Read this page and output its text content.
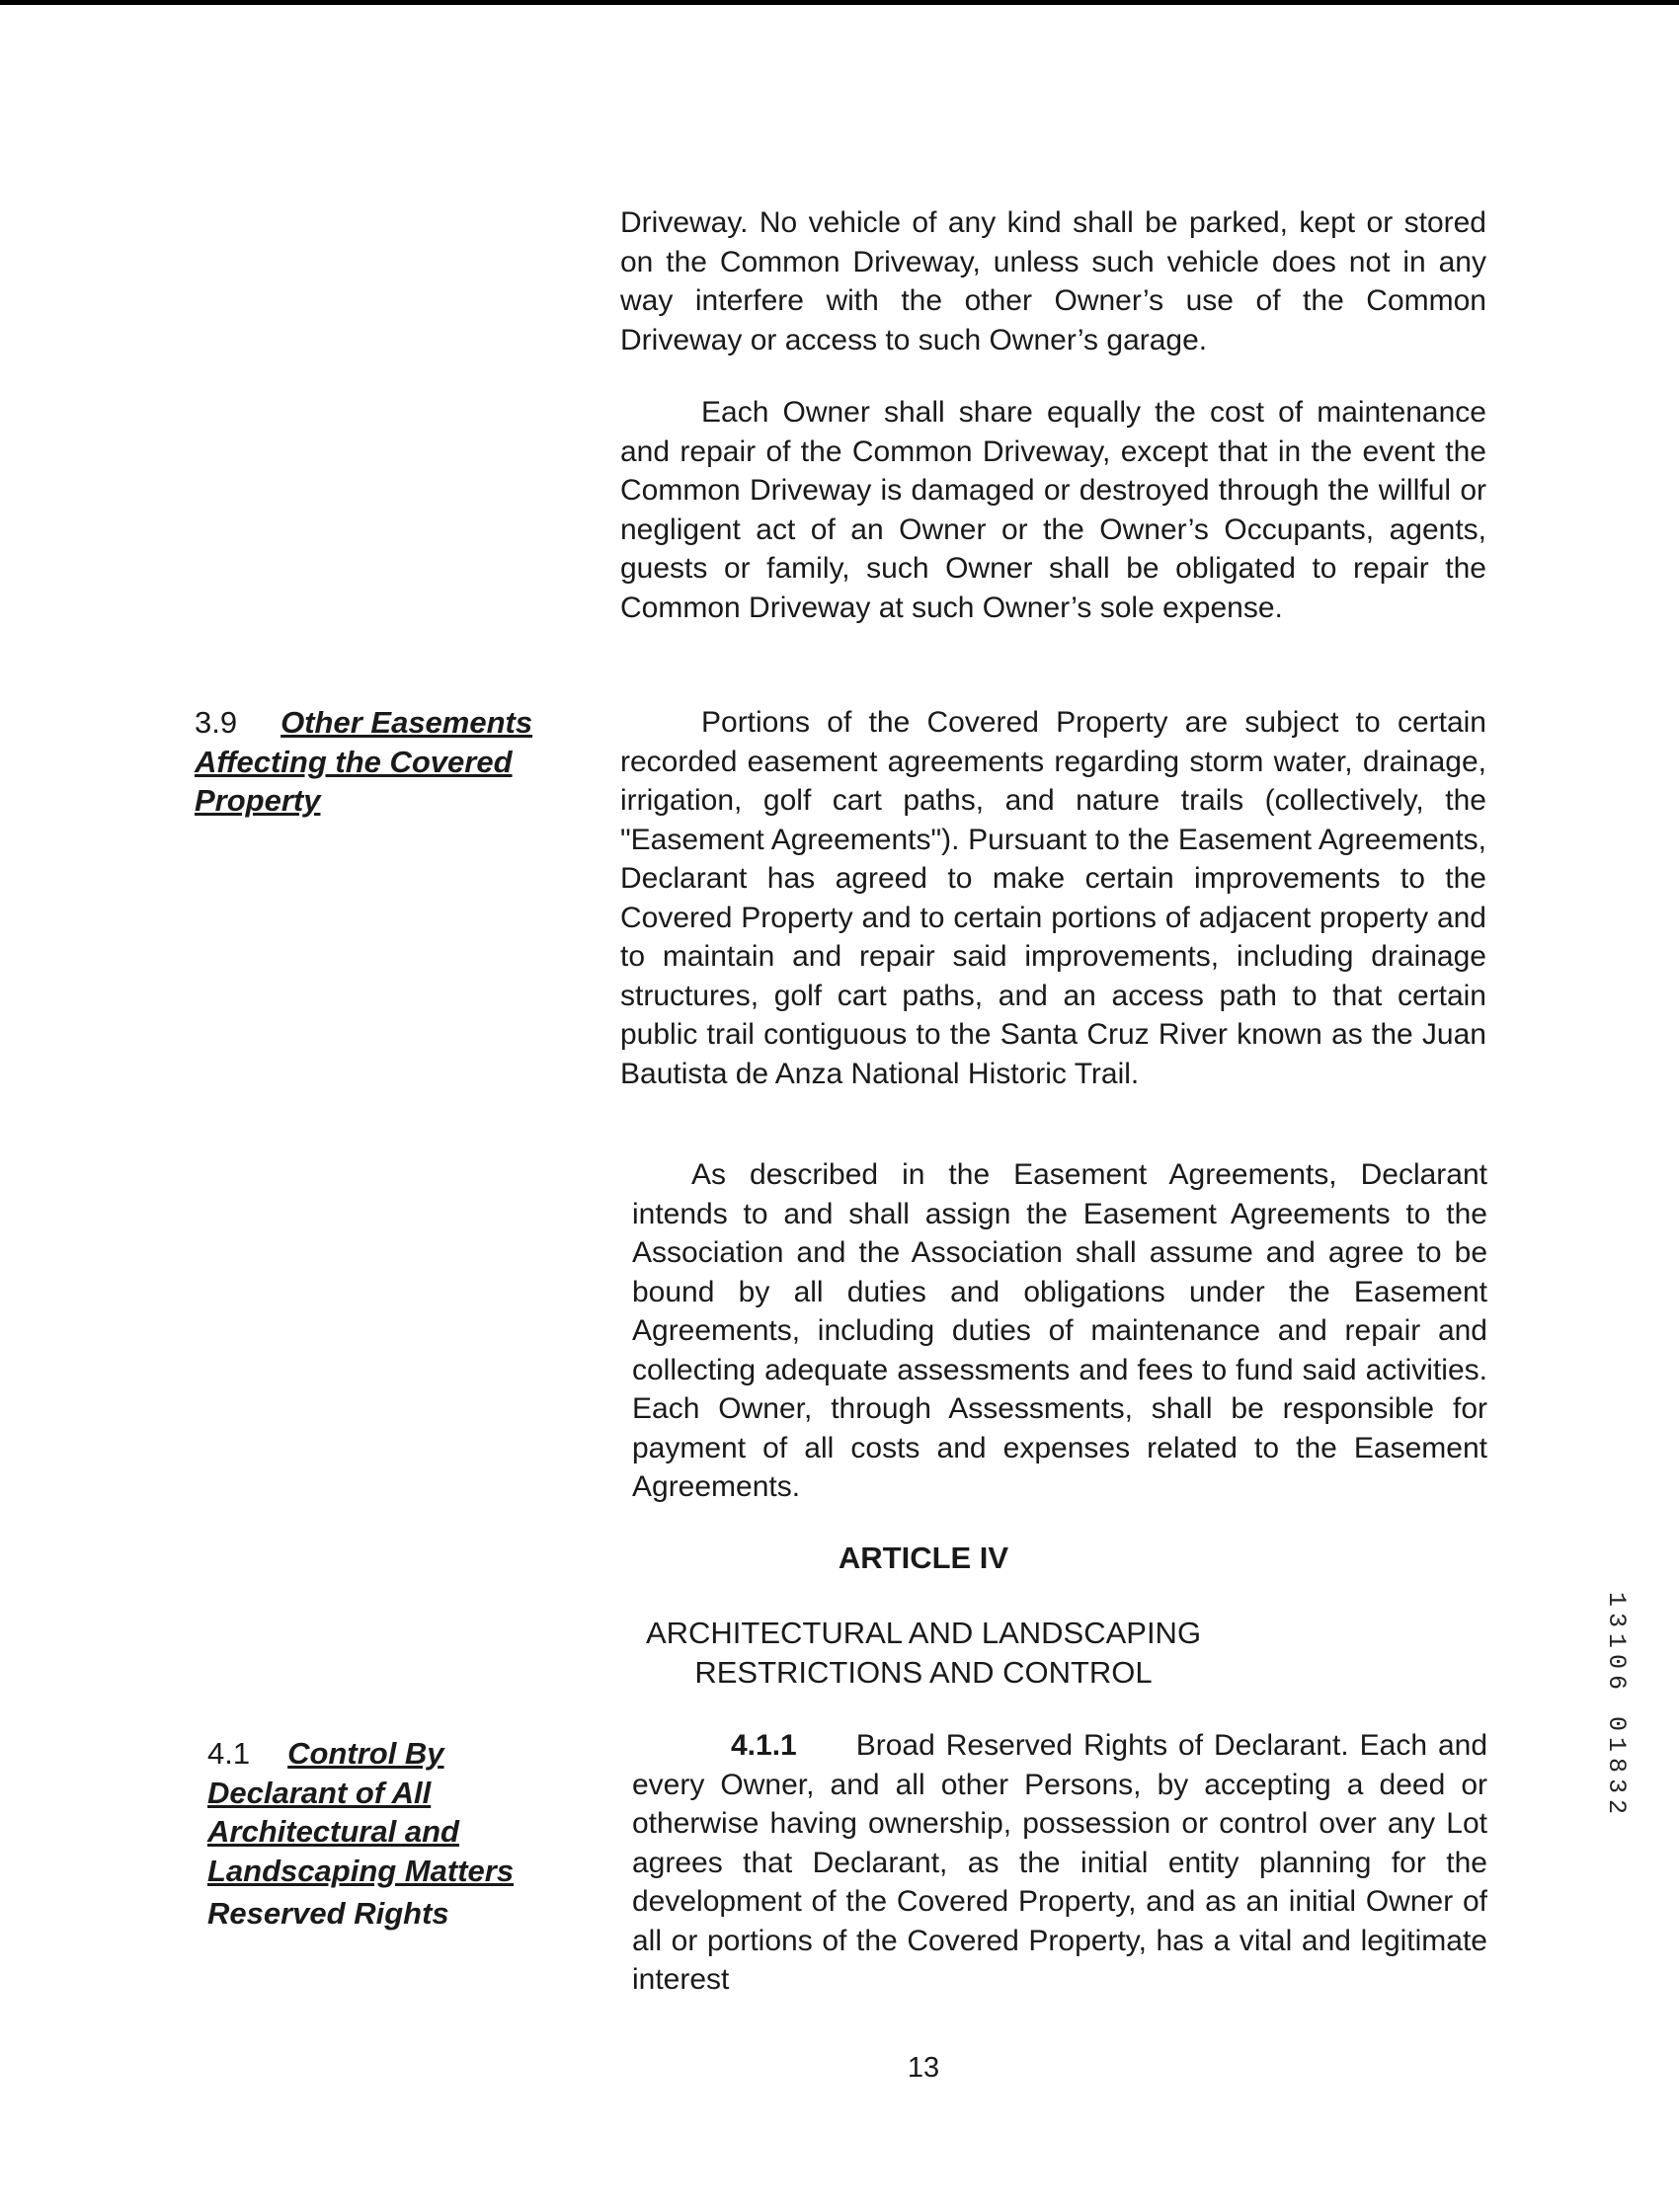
Driveway. No vehicle of any kind shall be parked, kept or stored on the Common Driveway, unless such vehicle does not in any way interfere with the other Owner’s use of the Common Driveway or access to such Owner’s garage.

Each Owner shall share equally the cost of maintenance and repair of the Common Driveway, except that in the event the Common Driveway is damaged or destroyed through the willful or negligent act of an Owner or the Owner’s Occupants, agents, guests or family, such Owner shall be obligated to repair the Common Driveway at such Owner’s sole expense.

3.9 Other Easements Affecting the Covered Property

Portions of the Covered Property are subject to certain recorded easement agreements regarding storm water, drainage, irrigation, golf cart paths, and nature trails (collectively, the "Easement Agreements"). Pursuant to the Easement Agreements, Declarant has agreed to make certain improvements to the Covered Property and to certain portions of adjacent property and to maintain and repair said improvements, including drainage structures, golf cart paths, and an access path to that certain public trail contiguous to the Santa Cruz River known as the Juan Bautista de Anza National Historic Trail.

As described in the Easement Agreements, Declarant intends to and shall assign the Easement Agreements to the Association and the Association shall assume and agree to be bound by all duties and obligations under the Easement Agreements, including duties of maintenance and repair and collecting adequate assessments and fees to fund said activities. Each Owner, through Assessments, shall be responsible for payment of all costs and expenses related to the Easement Agreements.

ARTICLE IV
ARCHITECTURAL AND LANDSCAPING
RESTRICTIONS AND CONTROL
4.1 Control By Declarant of All Architectural and Landscaping Matters
Reserved Rights

4.1.1 Broad Reserved Rights of Declarant. Each and every Owner, and all other Persons, by accepting a deed or otherwise having ownership, possession or control over any Lot agrees that Declarant, as the initial entity planning for the development of the Covered Property, and as an initial Owner of all or portions of the Covered Property, has a vital and legitimate interest

13
13106 01832
